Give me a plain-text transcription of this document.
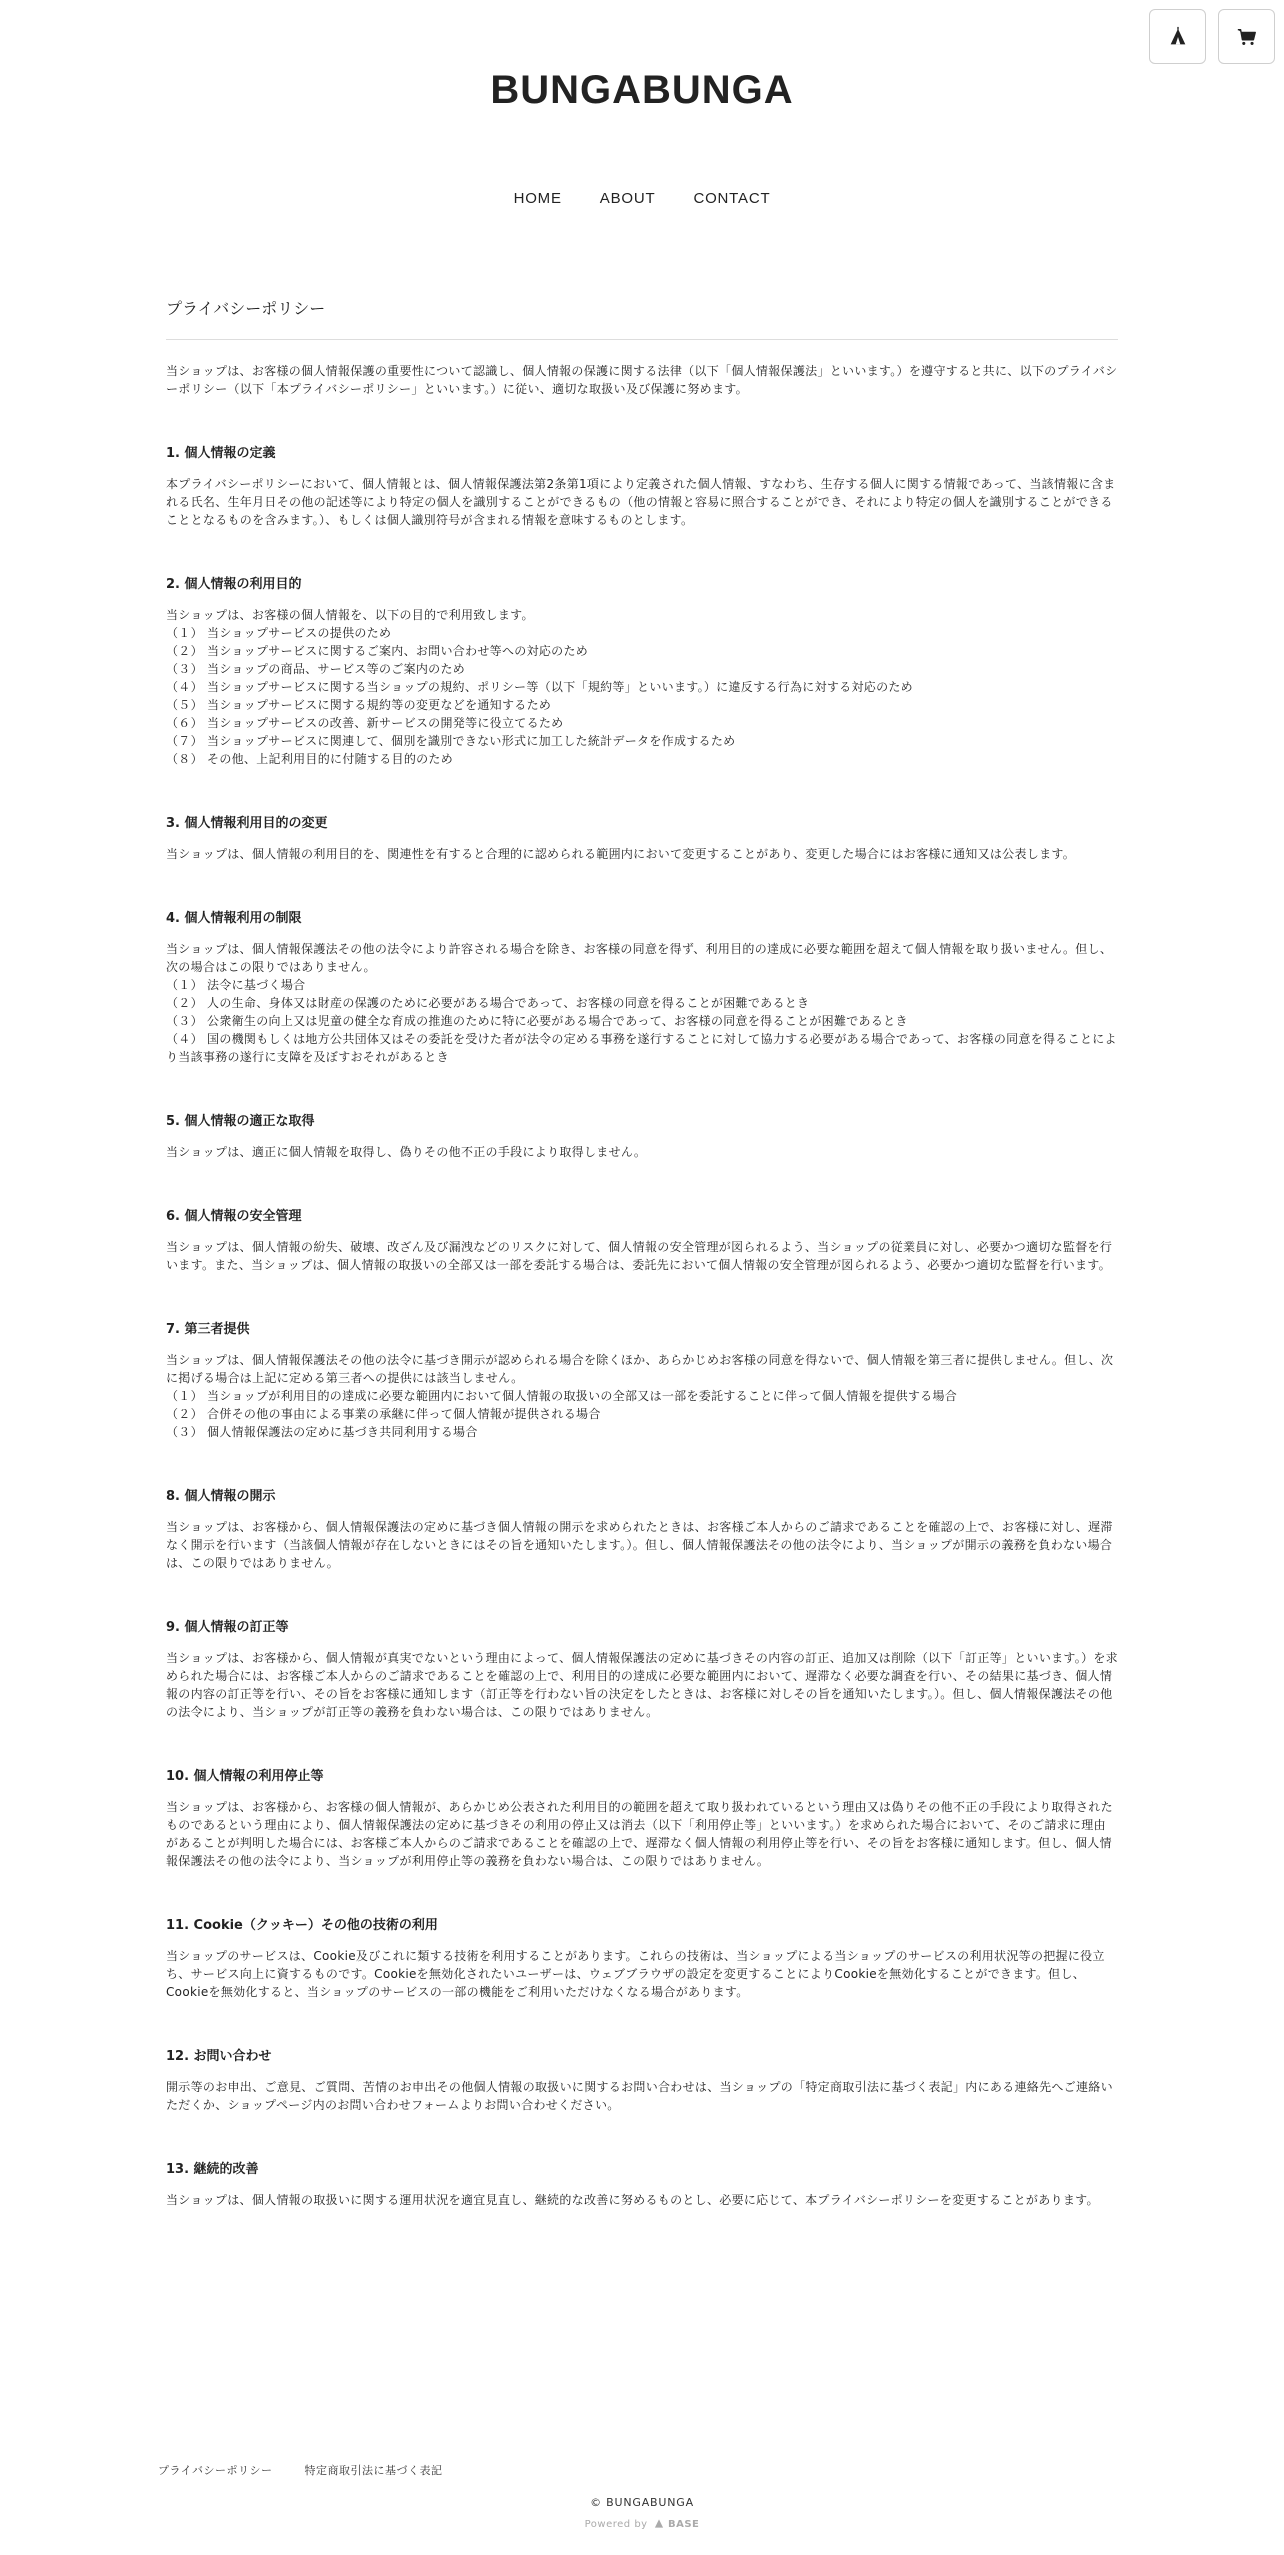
BUNGABUNGA
HOME	ABOUT	CONTACT
プライバシーポリシー

当ショップは、お客様の個人情報保護の重要性について認識し、個人情報の保護に関する法律（以下「個人情報保護法」といいます。）を遵守すると共に、以下のプライバシーポリシー（以下「本プライバシーポリシー」といいます。）に従い、適切な取扱い及び保護に努めます。

1. 個人情報の定義

本プライバシーポリシーにおいて、個人情報とは、個人情報保護法第2条第1項により定義された個人情報、すなわち、生存する個人に関する情報であって、当該情報に含まれる氏名、生年月日その他の記述等により特定の個人を識別することができるもの（他の情報と容易に照合することができ、それにより特定の個人を識別することができることとなるものを含みます。）、もしくは個人識別符号が含まれる情報を意味するものとします。

2. 個人情報の利用目的

当ショップは、お客様の個人情報を、以下の目的で利用致します。
（１） 当ショップサービスの提供のため
（２） 当ショップサービスに関するご案内、お問い合わせ等への対応のため
（３） 当ショップの商品、サービス等のご案内のため
（４） 当ショップサービスに関する当ショップの規約、ポリシー等（以下「規約等」といいます。）に違反する行為に対する対応のため
（５） 当ショップサービスに関する規約等の変更などを通知するため
（６） 当ショップサービスの改善、新サービスの開発等に役立てるため
（７） 当ショップサービスに関連して、個別を識別できない形式に加工した統計データを作成するため
（８） その他、上記利用目的に付随する目的のため

3. 個人情報利用目的の変更

当ショップは、個人情報の利用目的を、関連性を有すると合理的に認められる範囲内において変更することがあり、変更した場合にはお客様に通知又は公表します。

4. 個人情報利用の制限

当ショップは、個人情報保護法その他の法令により許容される場合を除き、お客様の同意を得ず、利用目的の達成に必要な範囲を超えて個人情報を取り扱いません。但し、次の場合はこの限りではありません。
（１） 法令に基づく場合
（２） 人の生命、身体又は財産の保護のために必要がある場合であって、お客様の同意を得ることが困難であるとき
（３） 公衆衛生の向上又は児童の健全な育成の推進のために特に必要がある場合であって、お客様の同意を得ることが困難であるとき
（４） 国の機関もしくは地方公共団体又はその委託を受けた者が法令の定める事務を遂行することに対して協力する必要がある場合であって、お客様の同意を得ることにより当該事務の遂行に支障を及ぼすおそれがあるとき

5. 個人情報の適正な取得

当ショップは、適正に個人情報を取得し、偽りその他不正の手段により取得しません。

6. 個人情報の安全管理

当ショップは、個人情報の紛失、破壊、改ざん及び漏洩などのリスクに対して、個人情報の安全管理が図られるよう、当ショップの従業員に対し、必要かつ適切な監督を行います。また、当ショップは、個人情報の取扱いの全部又は一部を委託する場合は、委託先において個人情報の安全管理が図られるよう、必要かつ適切な監督を行います。

7. 第三者提供

当ショップは、個人情報保護法その他の法令に基づき開示が認められる場合を除くほか、あらかじめお客様の同意を得ないで、個人情報を第三者に提供しません。但し、次に掲げる場合は上記に定める第三者への提供には該当しません。
（１） 当ショップが利用目的の達成に必要な範囲内において個人情報の取扱いの全部又は一部を委託することに伴って個人情報を提供する場合
（２） 合併その他の事由による事業の承継に伴って個人情報が提供される場合
（３） 個人情報保護法の定めに基づき共同利用する場合

8. 個人情報の開示

当ショップは、お客様から、個人情報保護法の定めに基づき個人情報の開示を求められたときは、お客様ご本人からのご請求であることを確認の上で、お客様に対し、遅滞なく開示を行います（当該個人情報が存在しないときにはその旨を通知いたします。）。但し、個人情報保護法その他の法令により、当ショップが開示の義務を負わない場合は、この限りではありません。

9. 個人情報の訂正等

当ショップは、お客様から、個人情報が真実でないという理由によって、個人情報保護法の定めに基づきその内容の訂正、追加又は削除（以下「訂正等」といいます。）を求められた場合には、お客様ご本人からのご請求であることを確認の上で、利用目的の達成に必要な範囲内において、遅滞なく必要な調査を行い、その結果に基づき、個人情報の内容の訂正等を行い、その旨をお客様に通知します（訂正等を行わない旨の決定をしたときは、お客様に対しその旨を通知いたします。）。但し、個人情報保護法その他の法令により、当ショップが訂正等の義務を負わない場合は、この限りではありません。

10. 個人情報の利用停止等

当ショップは、お客様から、お客様の個人情報が、あらかじめ公表された利用目的の範囲を超えて取り扱われているという理由又は偽りその他不正の手段により取得されたものであるという理由により、個人情報保護法の定めに基づきその利用の停止又は消去（以下「利用停止等」といいます。）を求められた場合において、そのご請求に理由があることが判明した場合には、お客様ご本人からのご請求であることを確認の上で、遅滞なく個人情報の利用停止等を行い、その旨をお客様に通知します。但し、個人情報保護法その他の法令により、当ショップが利用停止等の義務を負わない場合は、この限りではありません。

11. Cookie（クッキー）その他の技術の利用

当ショップのサービスは、Cookie及びこれに類する技術を利用することがあります。これらの技術は、当ショップによる当ショップのサービスの利用状況等の把握に役立ち、サービス向上に資するものです。Cookieを無効化されたいユーザーは、ウェブブラウザの設定を変更することによりCookieを無効化することができます。但し、Cookieを無効化すると、当ショップのサービスの一部の機能をご利用いただけなくなる場合があります。

12. お問い合わせ

開示等のお申出、ご意見、ご質問、苦情のお申出その他個人情報の取扱いに関するお問い合わせは、当ショップの「特定商取引法に基づく表記」内にある連絡先へご連絡いただくか、ショップページ内のお問い合わせフォームよりお問い合わせください。

13. 継続的改善

当ショップは、個人情報の取扱いに関する運用状況を適宜見直し、継続的な改善に努めるものとし、必要に応じて、本プライバシーポリシーを変更することがあります。

プライバシーポリシー	特定商取引法に基づく表記
© BUNGABUNGA
Powered by BASE
